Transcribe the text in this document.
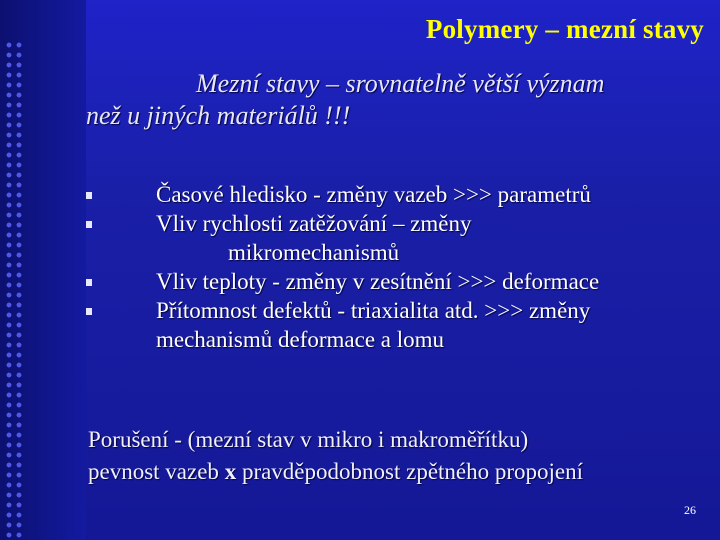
Polymery – mezní stavy
Mezní stavy – srovnatelně větší význam
než u jiných materiálů !!!
Časové hledisko - změny vazeb >>> parametrů
Vliv rychlosti zatěžování – změny
mikromechanismů
Vliv teploty - změny v zesítnění >>> deformace
Přítomnost defektů - triaxialita atd. >>> změny
mechanismů deformace a lomu
Porušení - (mezní stav v mikro i makroměřítku)
pevnost vazeb x pravděpodobnost zpětného propojení
26
